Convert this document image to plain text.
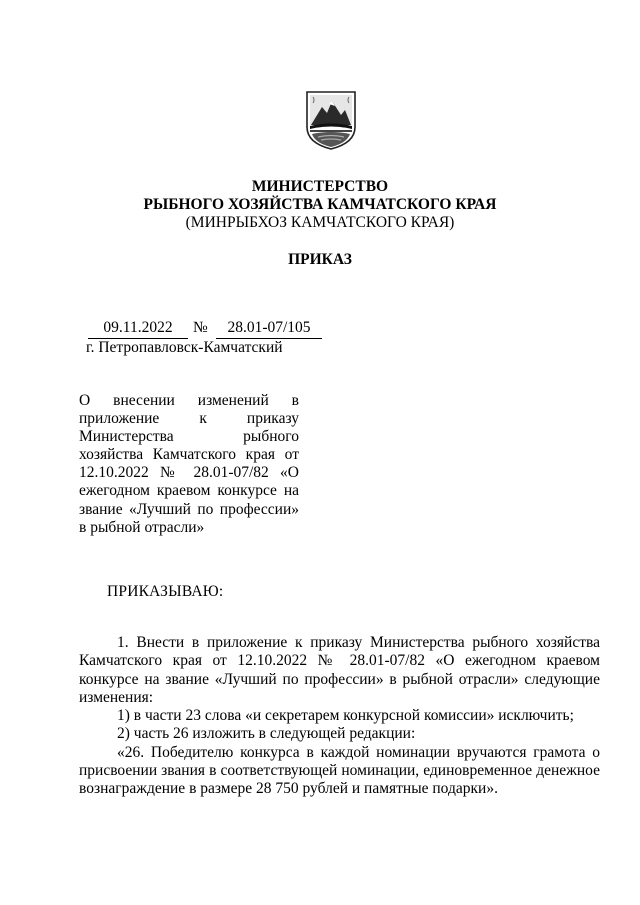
МИНИСТЕРСТВО
РЫБНОГО ХОЗЯЙСТВА КАМЧАТСКОГО КРАЯ
(МИНРЫБХОЗ КАМЧАТСКОГО КРАЯ)
ПРИКАЗ
09.11.2022	№	28.01-07/105
г. Петропавловск-Камчатский
О внесении изменений в приложение к приказу Министерства рыбного хозяйства Камчатского края от 12.10.2022 № 28.01-07/82 «О ежегодном краевом конкурсе на звание «Лучший по профессии» в рыбной отрасли»
ПРИКАЗЫВАЮ:

1. Внести в приложение к приказу Министерства рыбного хозяйства Камчатского края от 12.10.2022 № 28.01-07/82 «О ежегодном краевом конкурсе на звание «Лучший по профессии» в рыбной отрасли» следующие изменения:

1) в части 23 слова «и секретарем конкурсной комиссии» исключить;

2) часть 26 изложить в следующей редакции:

«26. Победителю конкурса в каждой номинации вручаются грамота о присвоении звания в соответствующей номинации, единовременное денежное вознаграждение в размере 28 750 рублей и памятные подарки».
